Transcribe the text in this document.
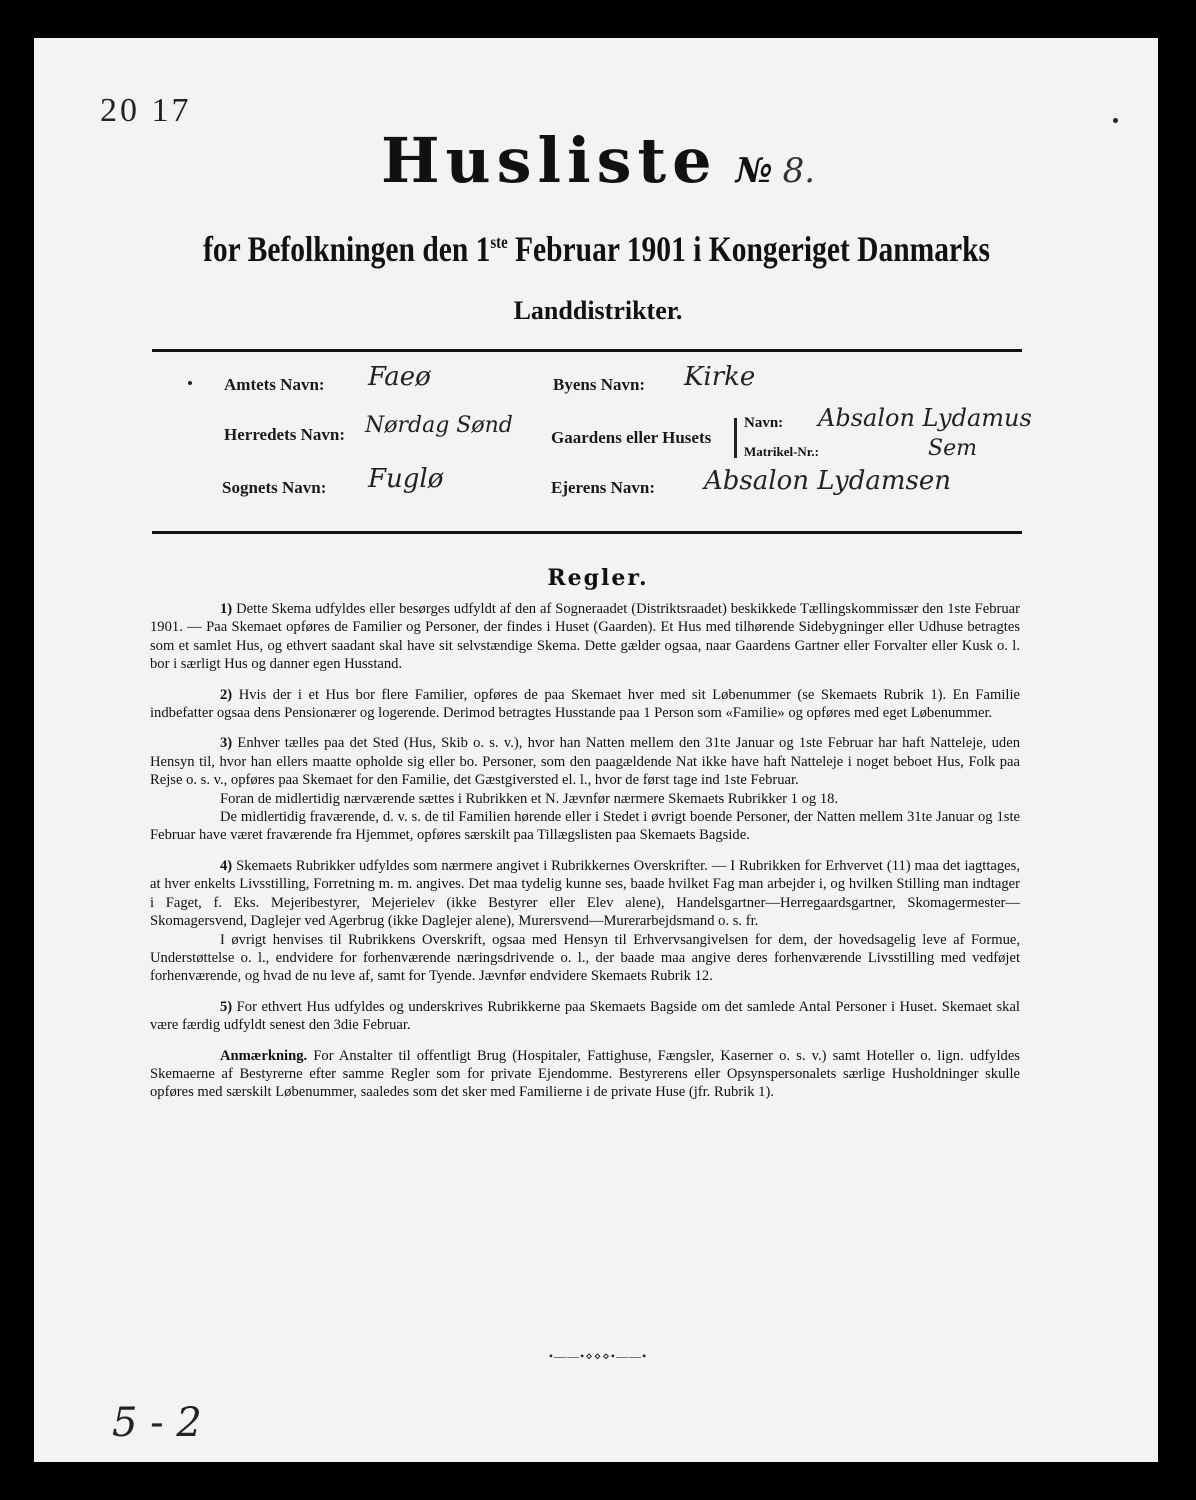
20 17
Husliste № 8.
for Befolkningen den 1ste Februar 1901 i Kongeriget Danmarks
Landdistrikter.
Amtets Navn: Faeø	Byens Navn: Kirke
Herredets Navn: Nørdag Sønd Gaardens eller Husets
Navn: Absalon Lydamus
Matrikel-Nr.:	Sem
Sognets Navn: Fuglø	Ejerens Navn: Absalon Lydamsen
Regler.

1) Dette Skema udfyldes eller besørges udfyldt af den af Sogneraadet (Distriktsraadet) beskikkede Tællingskommissær den 1ste Februar 1901. — Paa Skemaet opføres de Familier og Personer, der findes i Huset (Gaarden). Et Hus med tilhørende Sidebygninger eller Udhuse betragtes som et samlet Hus, og ethvert saadant skal have sit selvstændige Skema. Dette gælder ogsaa, naar Gaardens Gartner eller Forvalter eller Kusk o. l. bor i særligt Hus og danner egen Husstand.

2) Hvis der i et Hus bor flere Familier, opføres de paa Skemaet hver med sit Løbenummer (se Skemaets Rubrik 1). En Familie indbefatter ogsaa dens Pensionærer og logerende. Derimod betragtes Husstande paa 1 Person som «Familie» og opføres med eget Løbenummer.

3) Enhver tælles paa det Sted (Hus, Skib o. s. v.), hvor han Natten mellem den 31te Januar og 1ste Februar har haft Natteleje, uden Hensyn til, hvor han ellers maatte opholde sig eller bo. Personer, som den paagældende Nat ikke have haft Natteleje i noget beboet Hus, Folk paa Rejse o. s. v., opføres paa Skemaet for den Familie, det Gæstgiversted el. l., hvor de først tage ind 1ste Februar.

Foran de midlertidig nærværende sættes i Rubrikken et N. Jævnfør nærmere Skemaets Rubrikker 1 og 18.

De midlertidig fraværende, d. v. s. de til Familien hørende eller i Stedet i øvrigt boende Personer, der Natten mellem 31te Januar og 1ste Februar have været fraværende fra Hjemmet, opføres særskilt paa Tillægslisten paa Skemaets Bagside.

4) Skemaets Rubrikker udfyldes som nærmere angivet i Rubrikkernes Overskrifter. — I Rubrikken for Erhvervet (11) maa det iagttages, at hver enkelts Livsstilling, Forretning m. m. angives. Det maa tydelig kunne ses, baade hvilket Fag man arbejder i, og hvilken Stilling man indtager i Faget, f. Eks. Mejeribestyrer, Mejerielev (ikke Bestyrer eller Elev alene), Handelsgartner—Herregaardsgartner, Skomagermester—Skomagersvend, Daglejer ved Agerbrug (ikke Daglejer alene), Murersvend—Murerarbejdsmand o. s. fr.

I øvrigt henvises til Rubrikkens Overskrift, ogsaa med Hensyn til Erhvervsangivelsen for dem, der hovedsagelig leve af Formue, Understøttelse o. l., endvidere for forhenværende næringsdrivende o. l., der baade maa angive deres forhenværende Livsstilling med vedføjet forhenværende, og hvad de nu leve af, samt for Tyende. Jævnfør endvidere Skemaets Rubrik 12.

5) For ethvert Hus udfyldes og underskrives Rubrikkerne paa Skemaets Bagside om det samlede Antal Personer i Huset. Skemaet skal være færdig udfyldt senest den 3die Februar.

Anmærkning. For Anstalter til offentligt Brug (Hospitaler, Fattighuse, Fængsler, Kaserner o. s. v.) samt Hoteller o. lign. udfyldes Skemaerne af Bestyrerne efter samme Regler som for private Ejendomme. Bestyrerens eller Opsynspersonalets særlige Husholdninger skulle opføres med særskilt Løbenummer, saaledes som det sker med Familierne i de private Huse (jfr. Rubrik 1).

•——•⋄⋄⋄•——•
5 - 2
